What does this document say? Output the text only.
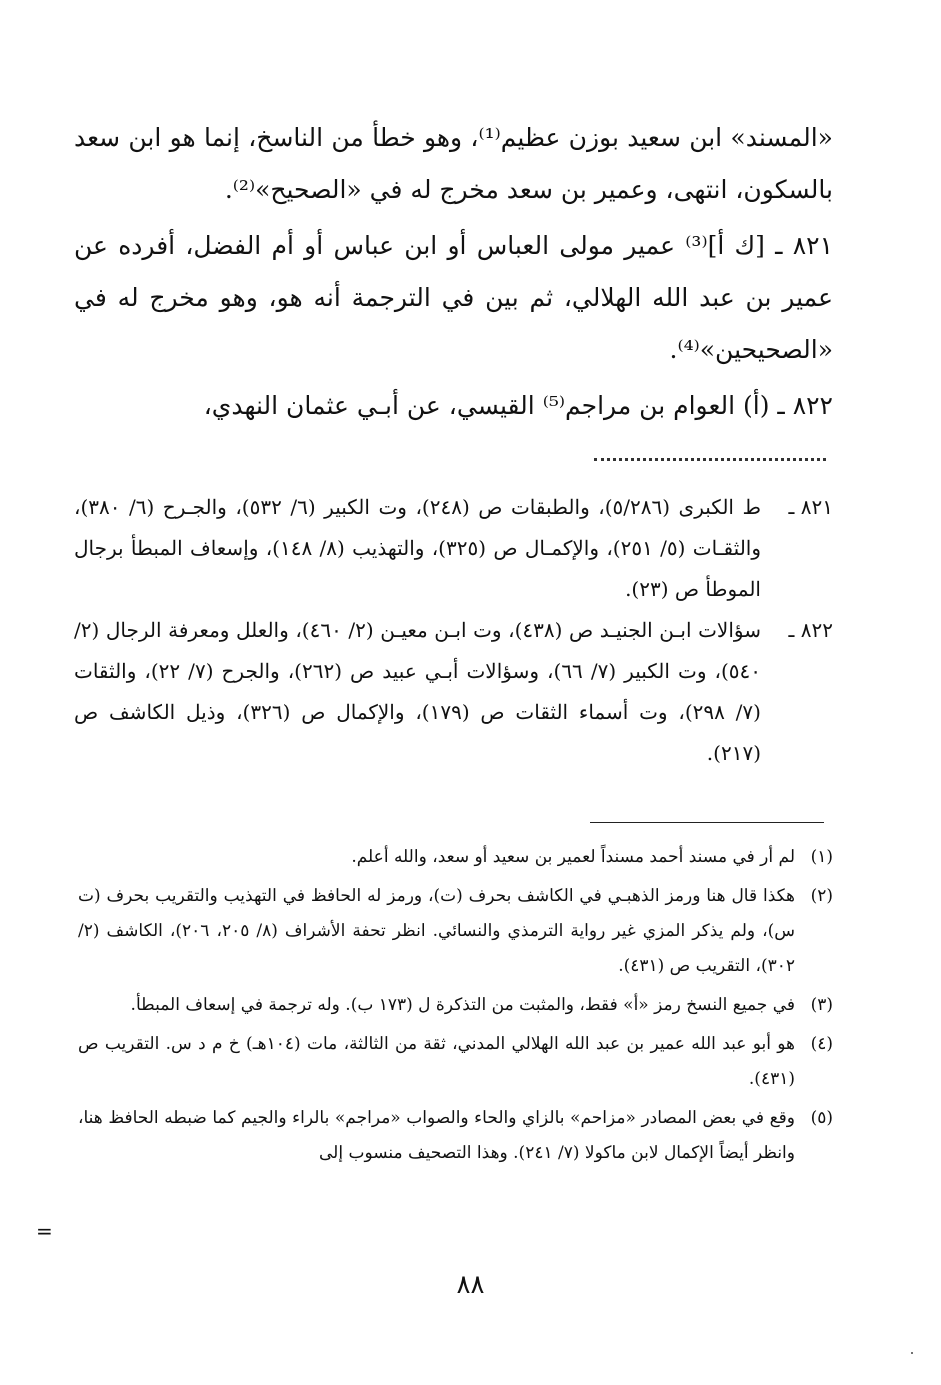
«المسند» ابن سعيد بوزن عظيم⁽¹⁾، وهو خطأ من الناسخ، إنما هو ابن سعد بالسكون، انتهى، وعمير بن سعد مخرج له في «الصحيح»⁽²⁾.

٨٢١ ـ [ك أ]⁽³⁾ عمير مولى العباس أو ابن عباس أو أم الفضل، أفرده عن عمير بن عبد الله الهلالي، ثم بين في الترجمة أنه هو، وهو مخرج له في «الصحيحين»⁽⁴⁾.

٨٢٢ ـ (أ) العوام بن مراجم⁽⁵⁾ القيسي، عن أبـي عثمان النهدي،

٨٢١ ـ
ط الكبرى (٥/٢٨٦)، والطبقات ص (٢٤٨)، وت الكبير (٦/ ٥٣٢)، والجـرح (٦/ ٣٨٠)، والثقـات (٥/ ٢٥١)، والإكمـال ص (٣٢٥)، والتهذيب (٨/ ١٤٨)، وإسعاف المبطأ برجال الموطأ ص (٢٣).
٨٢٢ ـ
سؤالات ابـن الجنيـد ص (٤٣٨)، وت ابـن معيـن (٢/ ٤٦٠)، والعلل ومعرفة الرجال (٢/ ٥٤٠)، وت الكبير (٧/ ٦٦)، وسؤالات أبـي عبيد ص (٢٦٢)، والجرح (٧/ ٢٢)، والثقات (٧/ ٢٩٨)، وت أسماء الثقات ص (١٧٩)، والإكمال ص (٣٢٦)، وذيل الكاشف ص (٢١٧).
(١)
لم أر في مسند أحمد مسنداً لعمير بن سعيد أو سعد، والله أعلم.
(٢)
هكذا قال هنا ورمز الذهبـي في الكاشف بحرف (ت)، ورمز له الحافظ في التهذيب والتقريب بحرف (ت س)، ولم يذكر المزي غير رواية الترمذي والنسائي. انظر تحفة الأشراف (٨/ ٢٠٥، ٢٠٦)، الكاشف (٢/ ٣٠٢)، التقريب ص (٤٣١).
(٣)
في جميع النسخ رمز «أ» فقط، والمثبت من التذكرة ل (١٧٣ ب). وله ترجمة في إسعاف المبطأ.
(٤)
هو أبو عبد الله عمير بن عبد الله الهلالي المدني، ثقة من الثالثة، مات (١٠٤هـ) خ م د س. التقريب ص (٤٣١).
(٥)
وقع في بعض المصادر «مزاحم» بالزاي والحاء والصواب «مراجم» بالراء والجيم كما ضبطه الحافظ هنا، وانظر أيضاً الإكمال لابن ماكولا (٧/ ٢٤١). وهذا التصحيف منسوب إلى
=
٨٨
